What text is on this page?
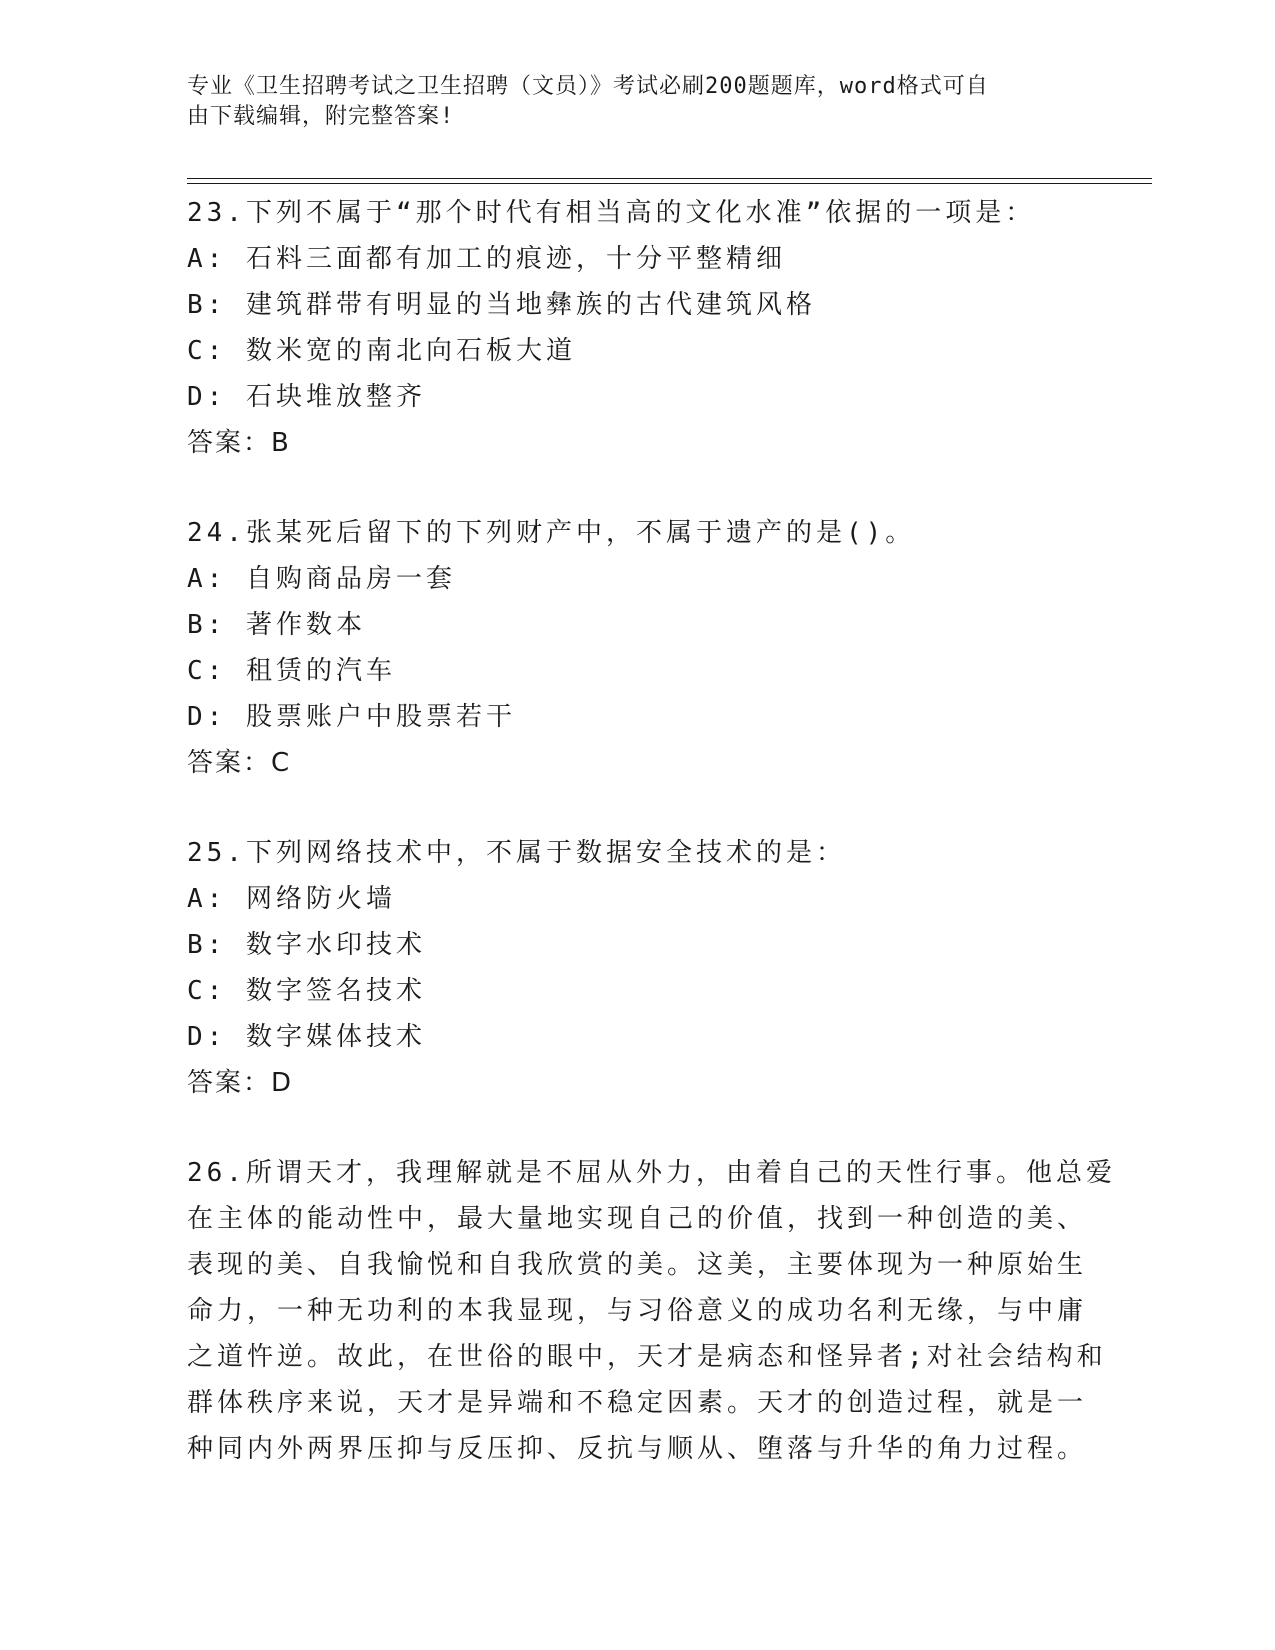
专业《卫生招聘考试之卫生招聘（文员）》考试必刷200题题库，word格式可自
由下载编辑，附完整答案!
23.下列不属于“那个时代有相当高的文化水准”依据的一项是：
A: 石料三面都有加工的痕迹，十分平整精细
B: 建筑群带有明显的当地彝族的古代建筑风格
C: 数米宽的南北向石板大道
D: 石块堆放整齐
答案：B
24.张某死后留下的下列财产中，不属于遗产的是()。
A: 自购商品房一套
B: 著作数本
C: 租赁的汽车
D: 股票账户中股票若干
答案：C
25.下列网络技术中，不属于数据安全技术的是：
A: 网络防火墙
B: 数字水印技术
C: 数字签名技术
D: 数字媒体技术
答案：D
26.所谓天才，我理解就是不屈从外力，由着自己的天性行事。他总爱
在主体的能动性中，最大量地实现自己的价值，找到一种创造的美、
表现的美、自我愉悦和自我欣赏的美。这美，主要体现为一种原始生
命力，一种无功利的本我显现，与习俗意义的成功名利无缘，与中庸
之道忤逆。故此，在世俗的眼中，天才是病态和怪异者;对社会结构和
群体秩序来说，天才是异端和不稳定因素。天才的创造过程，就是一
种同内外两界压抑与反压抑、反抗与顺从、堕落与升华的角力过程。
